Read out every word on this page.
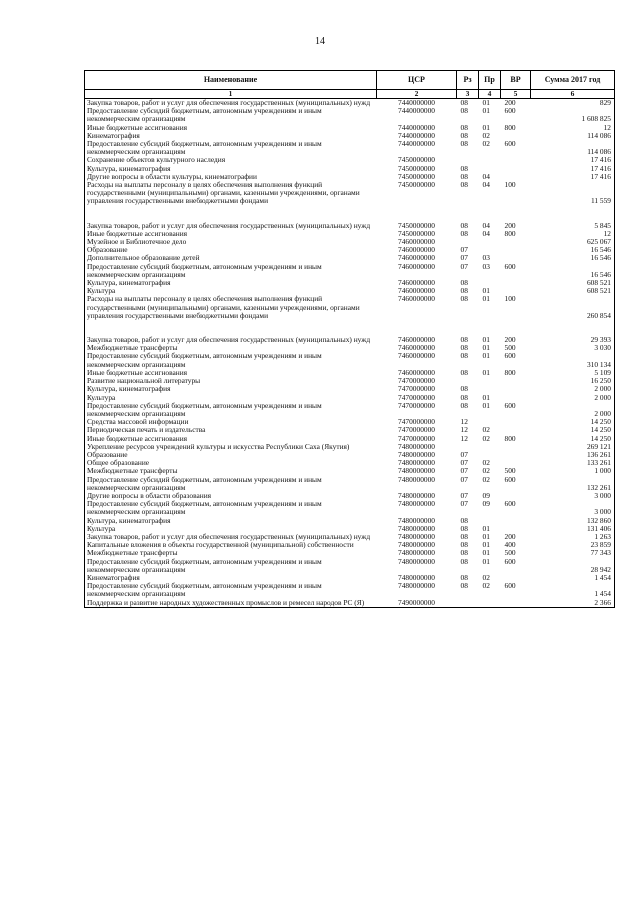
14
Наименование	ЦСР	Рз	Пр	ВР	Сумма 2017 год
1	2	3	4	5	6
Закупка товаров, работ и услуг для обеспечения государственных (муниципальных) нужд	7440000000	08	01	200	829
Предоставление субсидий бюджетным, автономным учреждениям и иным некоммерческим организациям	7440000000	08	01	600	1 608 825
Иные бюджетные ассигнования	7440000000	08	01	800	12
Кинематография	7440000000	08	02		114 086
Предоставление субсидий бюджетным, автономным учреждениям и иным некоммерческим организациям	7440000000	08	02	600	114 086
Сохранение объектов культурного наследия	7450000000				17 416
Культура, кинематография	7450000000	08			17 416
Другие вопросы в области культуры, кинематографии	7450000000	08	04		17 416
Расходы на выплаты персоналу в целях обеспечения выполнения функций государственными (муниципальными) органами, казенными учреждениями, органами управления государственными внебюджетными фондами	7450000000	08	04	100	11 559

Закупка товаров, работ и услуг для обеспечения государственных (муниципальных) нужд	7450000000	08	04	200	5 845
Иные бюджетные ассигнования	7450000000	08	04	800	12
Музейное и Библиотечное дело	7460000000				625 067
Образование	7460000000	07			16 546
Дополнительное образование детей	7460000000	07	03		16 546
Предоставление субсидий бюджетным, автономным учреждениям и иным некоммерческим организациям	7460000000	07	03	600	16 546
Культура, кинематография	7460000000	08			608 521
Культура	7460000000	08	01		608 521
Расходы на выплаты персоналу в целях обеспечения выполнения функций государственными (муниципальными) органами, казенными учреждениями, органами управления государственными внебюджетными фондами	7460000000	08	01	100	260 854

Закупка товаров, работ и услуг для обеспечения государственных (муниципальных) нужд	7460000000	08	01	200	29 393
Межбюджетные трансферты	7460000000	08	01	500	3 030
Предоставление субсидий бюджетным, автономным учреждениям и иным некоммерческим организациям	7460000000	08	01	600	310 134
Иные бюджетные ассигнования	7460000000	08	01	800	5 109
Развитие национальной литературы	7470000000				16 250
Культура, кинематография	7470000000	08			2 000
Культура	7470000000	08	01		2 000
Предоставление субсидий бюджетным, автономным учреждениям и иным некоммерческим организациям	7470000000	08	01	600	2 000
Средства массовой информации	7470000000	12			14 250
Периодическая печать и издательства	7470000000	12	02		14 250
Иные бюджетные ассигнования	7470000000	12	02	800	14 250
Укрепление ресурсов учреждений культуры и искусства Республики Саха (Якутия)	7480000000				269 121
Образование	7480000000	07			136 261
Общее образование	7480000000	07	02		133 261
Межбюджетные трансферты	7480000000	07	02	500	1 000
Предоставление субсидий бюджетным, автономным учреждениям и иным некоммерческим организациям	7480000000	07	02	600	132 261
Другие вопросы в области образования	7480000000	07	09		3 000
Предоставление субсидий бюджетным, автономным учреждениям и иным некоммерческим организациям	7480000000	07	09	600	3 000
Культура, кинематография	7480000000	08			132 860
Культура	7480000000	08	01		131 406
Закупка товаров, работ и услуг для обеспечения государственных (муниципальных) нужд	7480000000	08	01	200	1 263
Капитальные вложения в объекты государственной (муниципальной) собственности	7480000000	08	01	400	23 859
Межбюджетные трансферты	7480000000	08	01	500	77 343
Предоставление субсидий бюджетным, автономным учреждениям и иным некоммерческим организациям	7480000000	08	01	600	28 942
Кинематография	7480000000	08	02		1 454
Предоставление субсидий бюджетным, автономным учреждениям и иным некоммерческим организациям	7480000000	08	02	600	1 454
Поддержка и развитие народных художественных промыслов и ремесел народов РС (Я)	7490000000				2 366
